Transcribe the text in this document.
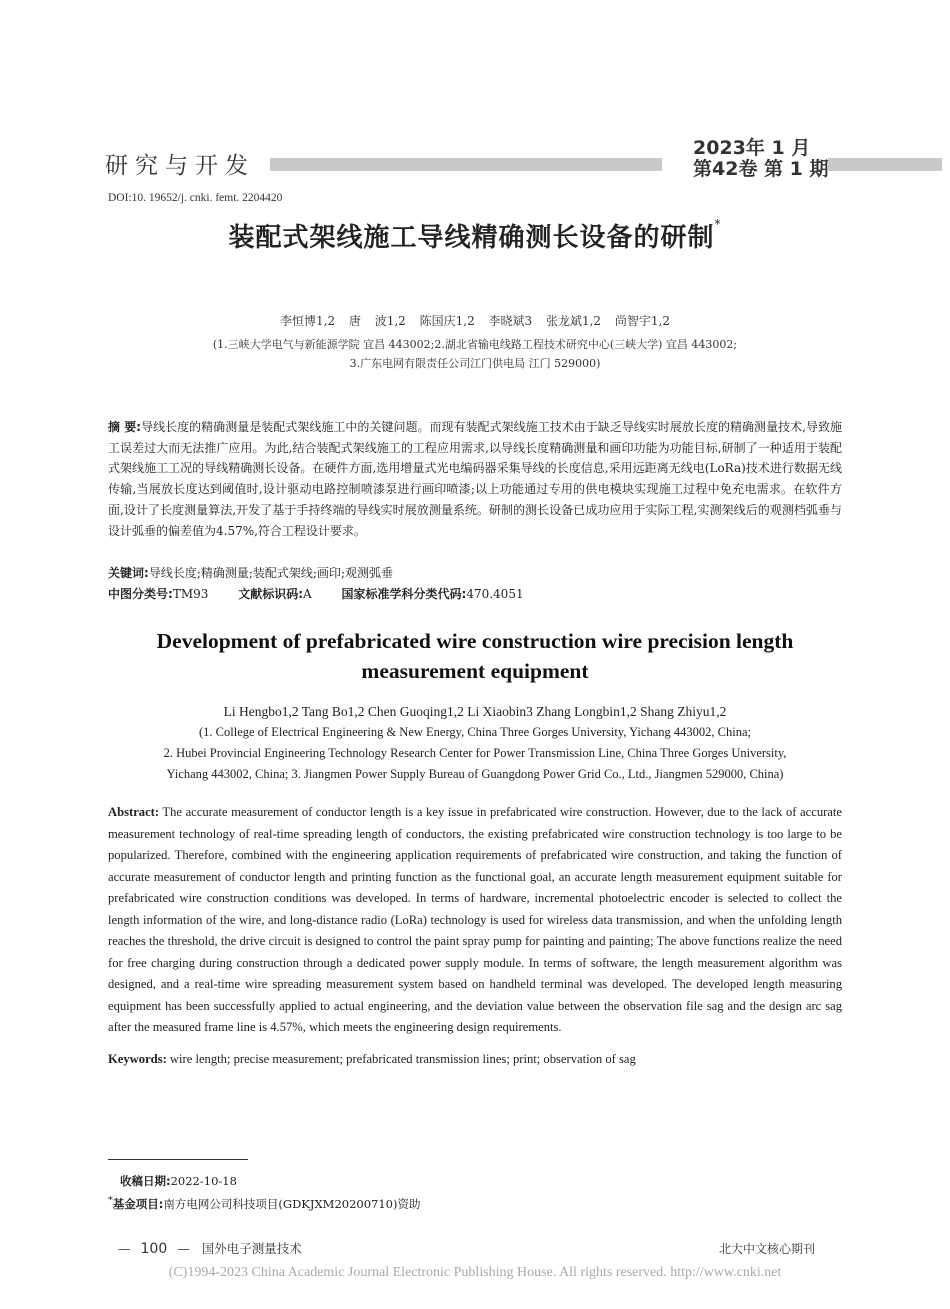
研究与开发
2023年 1 月
第42卷 第 1 期
DOI:10. 19652/j. cnki. femt. 2204420
装配式架线施工导线精确测长设备的研制*
李恒博1,2 唐 波1,2 陈国庆1,2 李晓斌3 张龙斌1,2 尚智宇1,2
(1.三峡大学电气与新能源学院 宜昌 443002;2.湖北省输电线路工程技术研究中心(三峡大学) 宜昌 443002;
3.广东电网有限责任公司江门供电局 江门 529000)
摘 要:导线长度的精确测量是装配式架线施工中的关键问题。而现有装配式架线施工技术由于缺乏导线实时展放长度的精确测量技术,导致施工误差过大而无法推广应用。为此,结合装配式架线施工的工程应用需求,以导线长度精确测量和画印功能为功能目标,研制了一种适用于装配式架线施工工况的导线精确测长设备。在硬件方面,选用增量式光电编码器采集导线的长度信息,采用远距离无线电(LoRa)技术进行数据无线传输,当展放长度达到阈值时,设计驱动电路控制喷漆泵进行画印喷漆;以上功能通过专用的供电模块实现施工过程中免充电需求。在软件方面,设计了长度测量算法,开发了基于手持终端的导线实时展放测量系统。研制的测长设备已成功应用于实际工程,实测架线后的观测档弧垂与设计弧垂的偏差值为4.57%,符合工程设计要求。
关键词:导线长度;精确测量;装配式架线;画印;观测弧垂
中图分类号:TM93 文献标识码:A 国家标准学科分类代码:470.4051
Development of prefabricated wire construction wire precision length measurement equipment
Li Hengbo1,2 Tang Bo1,2 Chen Guoqing1,2 Li Xiaobin3 Zhang Longbin1,2 Shang Zhiyu1,2
(1. College of Electrical Engineering & New Energy, China Three Gorges University, Yichang 443002, China;
2. Hubei Provincial Engineering Technology Research Center for Power Transmission Line, China Three Gorges University,
Yichang 443002, China; 3. Jiangmen Power Supply Bureau of Guangdong Power Grid Co., Ltd., Jiangmen 529000, China)
Abstract: The accurate measurement of conductor length is a key issue in prefabricated wire construction. However, due to the lack of accurate measurement technology of real-time spreading length of conductors, the existing prefabricated wire construction technology is too large to be popularized. Therefore, combined with the engineering application requirements of prefabricated wire construction, and taking the function of accurate measurement of conductor length and printing function as the functional goal, an accurate length measurement equipment suitable for prefabricated wire construction conditions was developed. In terms of hardware, incremental photoelectric encoder is selected to collect the length information of the wire, and long-distance radio (LoRa) technology is used for wireless data transmission, and when the unfolding length reaches the threshold, the drive circuit is designed to control the paint spray pump for painting and painting; The above functions realize the need for free charging during construction through a dedicated power supply module. In terms of software, the length measurement algorithm was designed, and a real-time wire spreading measurement system based on handheld terminal was developed. The developed length measuring equipment has been successfully applied to actual engineering, and the deviation value between the observation file sag and the design arc sag after the measured frame line is 4.57%, which meets the engineering design requirements.
Keywords: wire length; precise measurement; prefabricated transmission lines; print; observation of sag
收稿日期:2022-10-18
*基金项目:南方电网公司科技项目(GDKJXM20200710)资助
— 100 — 国外电子测量技术	北大中文核心期刊
(C)1994-2023 China Academic Journal Electronic Publishing House. All rights reserved. http://www.cnki.net
